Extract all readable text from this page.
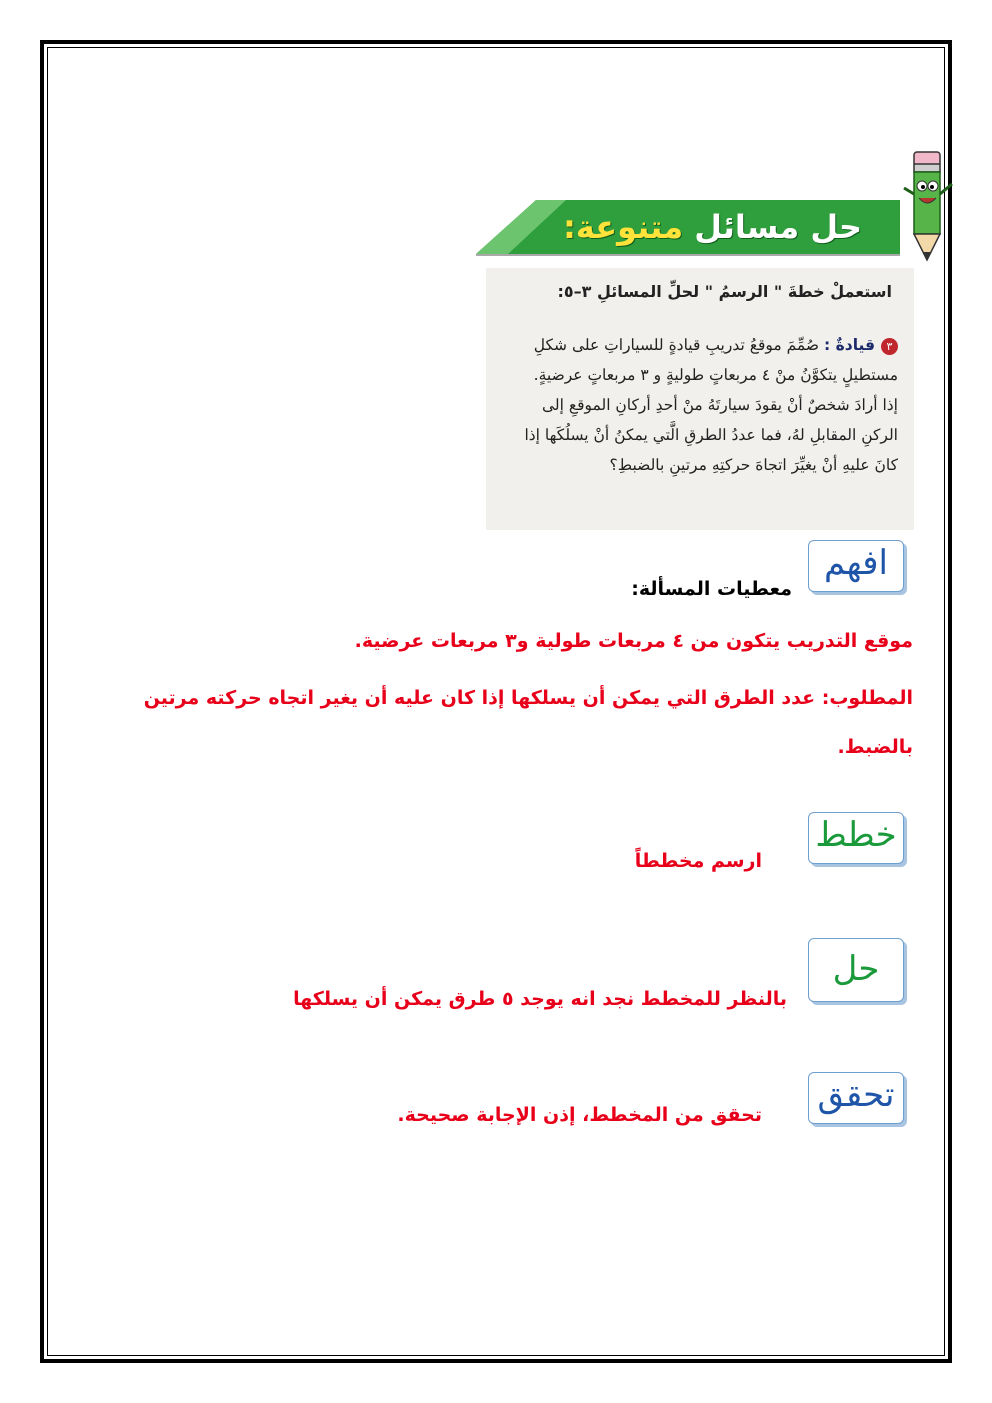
حل مسائل متنوعة:
استعملْ خطةَ " الرسمُ " لحلِّ المسائلِ ٣–٥:
٣قيادةٌ : صُمِّمَ موقعُ تدريبِ قيادةٍ للسياراتِ على شكلِ
مستطيلٍ يتكوَّنُ منْ ٤ مربعاتٍ طوليةٍ و ٣ مربعاتٍ عرضيةٍ.
إذا أرادَ شخصٌ أنْ يقودَ سيارتَهُ منْ أحدِ أركانِ الموقعِ إلى
الركنِ المقابلِ لهُ، فما عددُ الطرقِ الَّتي يمكنُ أنْ يسلُكَها إذا
كانَ عليهِ أنْ يغيِّرَ اتجاهَ حركتِهِ مرتينِ بالضبطِ؟
افهم
معطيات المسألة:
موقع التدريب يتكون من ٤ مربعات طولية و٣ مربعات عرضية.
المطلوب: عدد الطرق التي يمكن أن يسلكها إذا كان عليه أن يغير اتجاه حركته مرتين
بالضبط.
خطط
ارسم مخططاً
حل
بالنظر للمخطط نجد انه يوجد ٥ طرق يمكن أن يسلكها
تحقق
تحقق من المخطط، إذن الإجابة صحيحة.
